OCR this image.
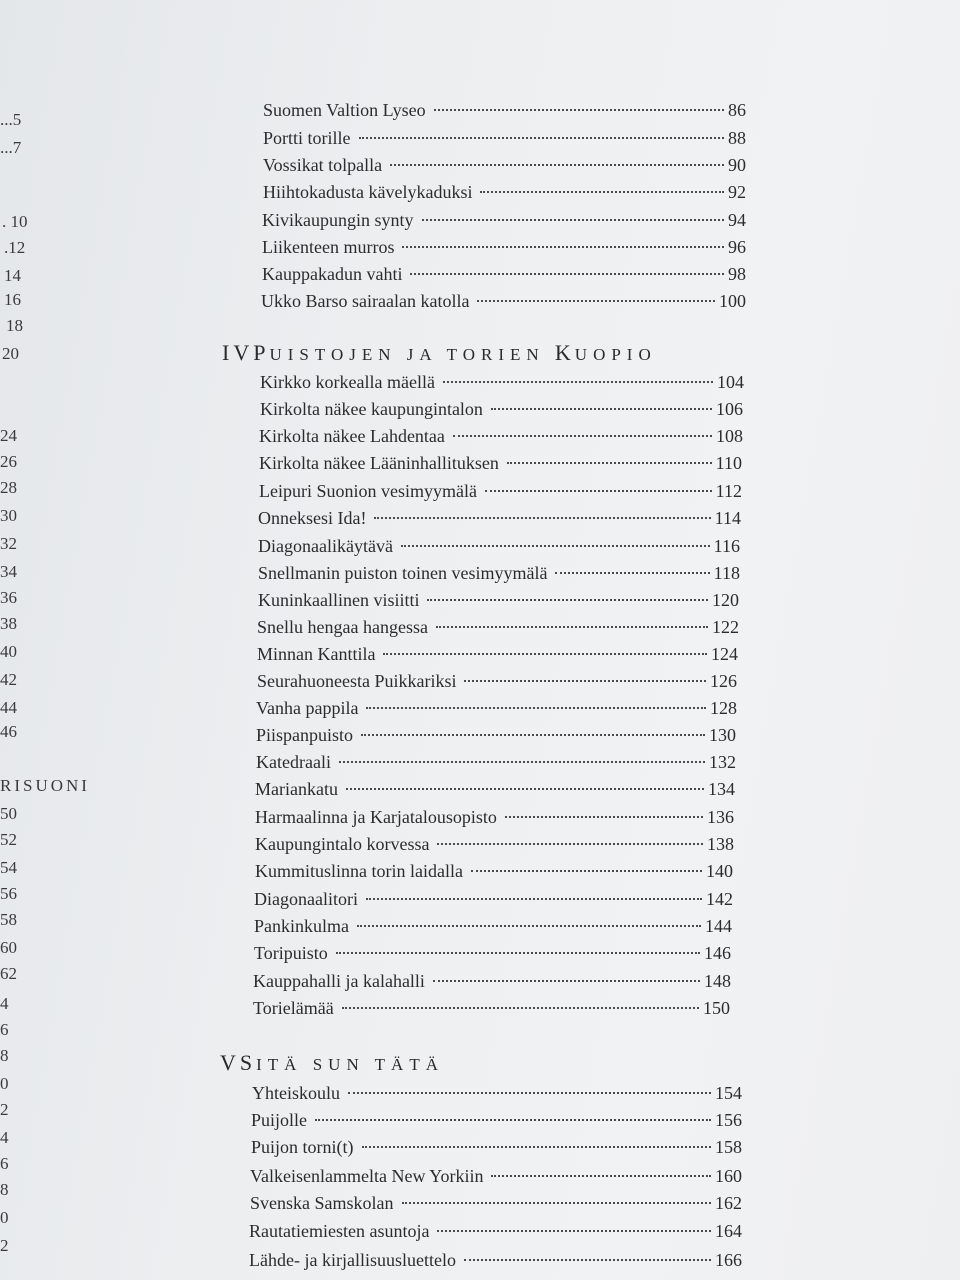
...5
...7
. 10
.12
14
16
18
20
24
26
28
30
32
34
36
38
40
42
44
46
50
52
54
56
58
60
62
4
6
8
0
2
4
6
8
0
2
RISUONI
Suomen Valtion Lyseo	86
Portti torille	88
Vossikat tolpalla	90
Hiihtokadusta kävelykaduksi	92
Kivikaupungin synty	94
Liikenteen murros	96
Kauppakadun vahti	98
Ukko Barso sairaalan katolla	100
Kirkko korkealla mäellä	104
Kirkolta näkee kaupungintalon	106
Kirkolta näkee Lahdentaa	108
Kirkolta näkee Lääninhallituksen	110
Leipuri Suonion vesimyymälä	112
Onneksesi Ida!	114
Diagonaalikäytävä	116
Snellmanin puiston toinen vesimyymälä	118
Kuninkaallinen visiitti	120
Snellu hengaa hangessa	122
Minnan Kanttila	124
Seurahuoneesta Puikkariksi	126
Vanha pappila	128
Piispanpuisto	130
Katedraali	132
Mariankatu	134
Harmaalinna ja Karjatalousopisto	136
Kaupungintalo korvessa	138
Kummituslinna torin laidalla	140
Diagonaalitori	142
Pankinkulma	144
Toripuisto	146
Kauppahalli ja kalahalli	148
Torielämää	150
Yhteiskoulu	154
Puijolle	156
Puijon torni(t)	158
Valkeisenlammelta New Yorkiin	160
Svenska Samskolan	162
Rautatiemiesten asuntoja	164
Lähde- ja kirjallisuusluettelo	166
IVPUISTOJEN JA TORIEN KUOPIO
VSITÄ SUN TÄTÄ
